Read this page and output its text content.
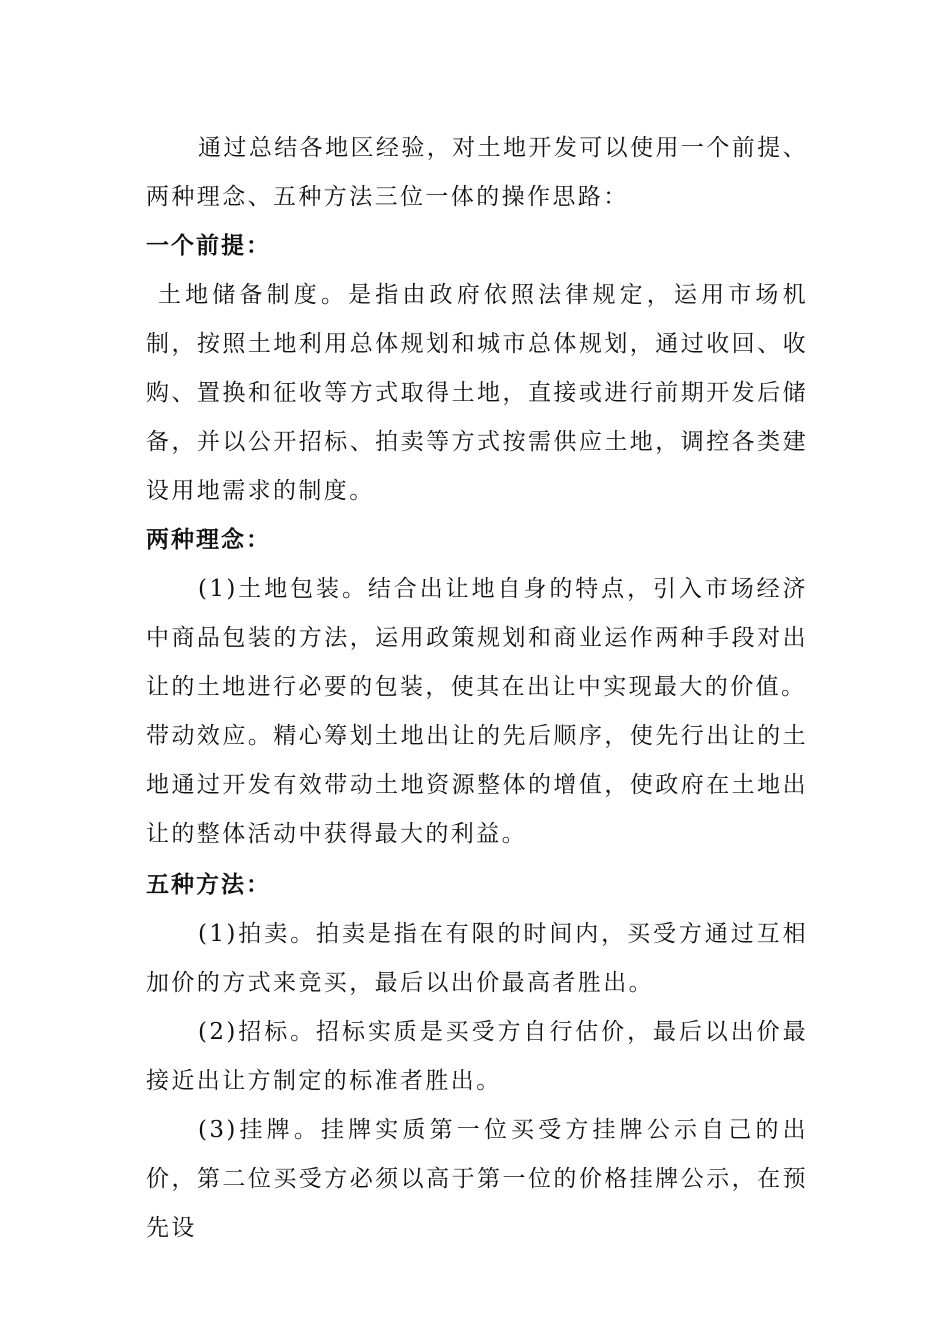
通过总结各地区经验，对土地开发可以使用一个前提、两种理念、五种方法三位一体的操作思路：

一个前提：

土地储备制度。是指由政府依照法律规定，运用市场机制，按照土地利用总体规划和城市总体规划，通过收回、收购、置换和征收等方式取得土地，直接或进行前期开发后储备，并以公开招标、拍卖等方式按需供应土地，调控各类建设用地需求的制度。

两种理念：

(1)土地包装。结合出让地自身的特点，引入市场经济中商品包装的方法，运用政策规划和商业运作两种手段对出让的土地进行必要的包装，使其在出让中实现最大的价值。

带动效应。精心筹划土地出让的先后顺序，使先行出让的土地通过开发有效带动土地资源整体的增值，使政府在土地出让的整体活动中获得最大的利益。

五种方法：

(1)拍卖。拍卖是指在有限的时间内，买受方通过互相加价的方式来竞买，最后以出价最高者胜出。

(2)招标。招标实质是买受方自行估价，最后以出价最接近出让方制定的标准者胜出。

(3)挂牌。挂牌实质第一位买受方挂牌公示自己的出价，第二位买受方必须以高于第一位的价格挂牌公示，在预先设
